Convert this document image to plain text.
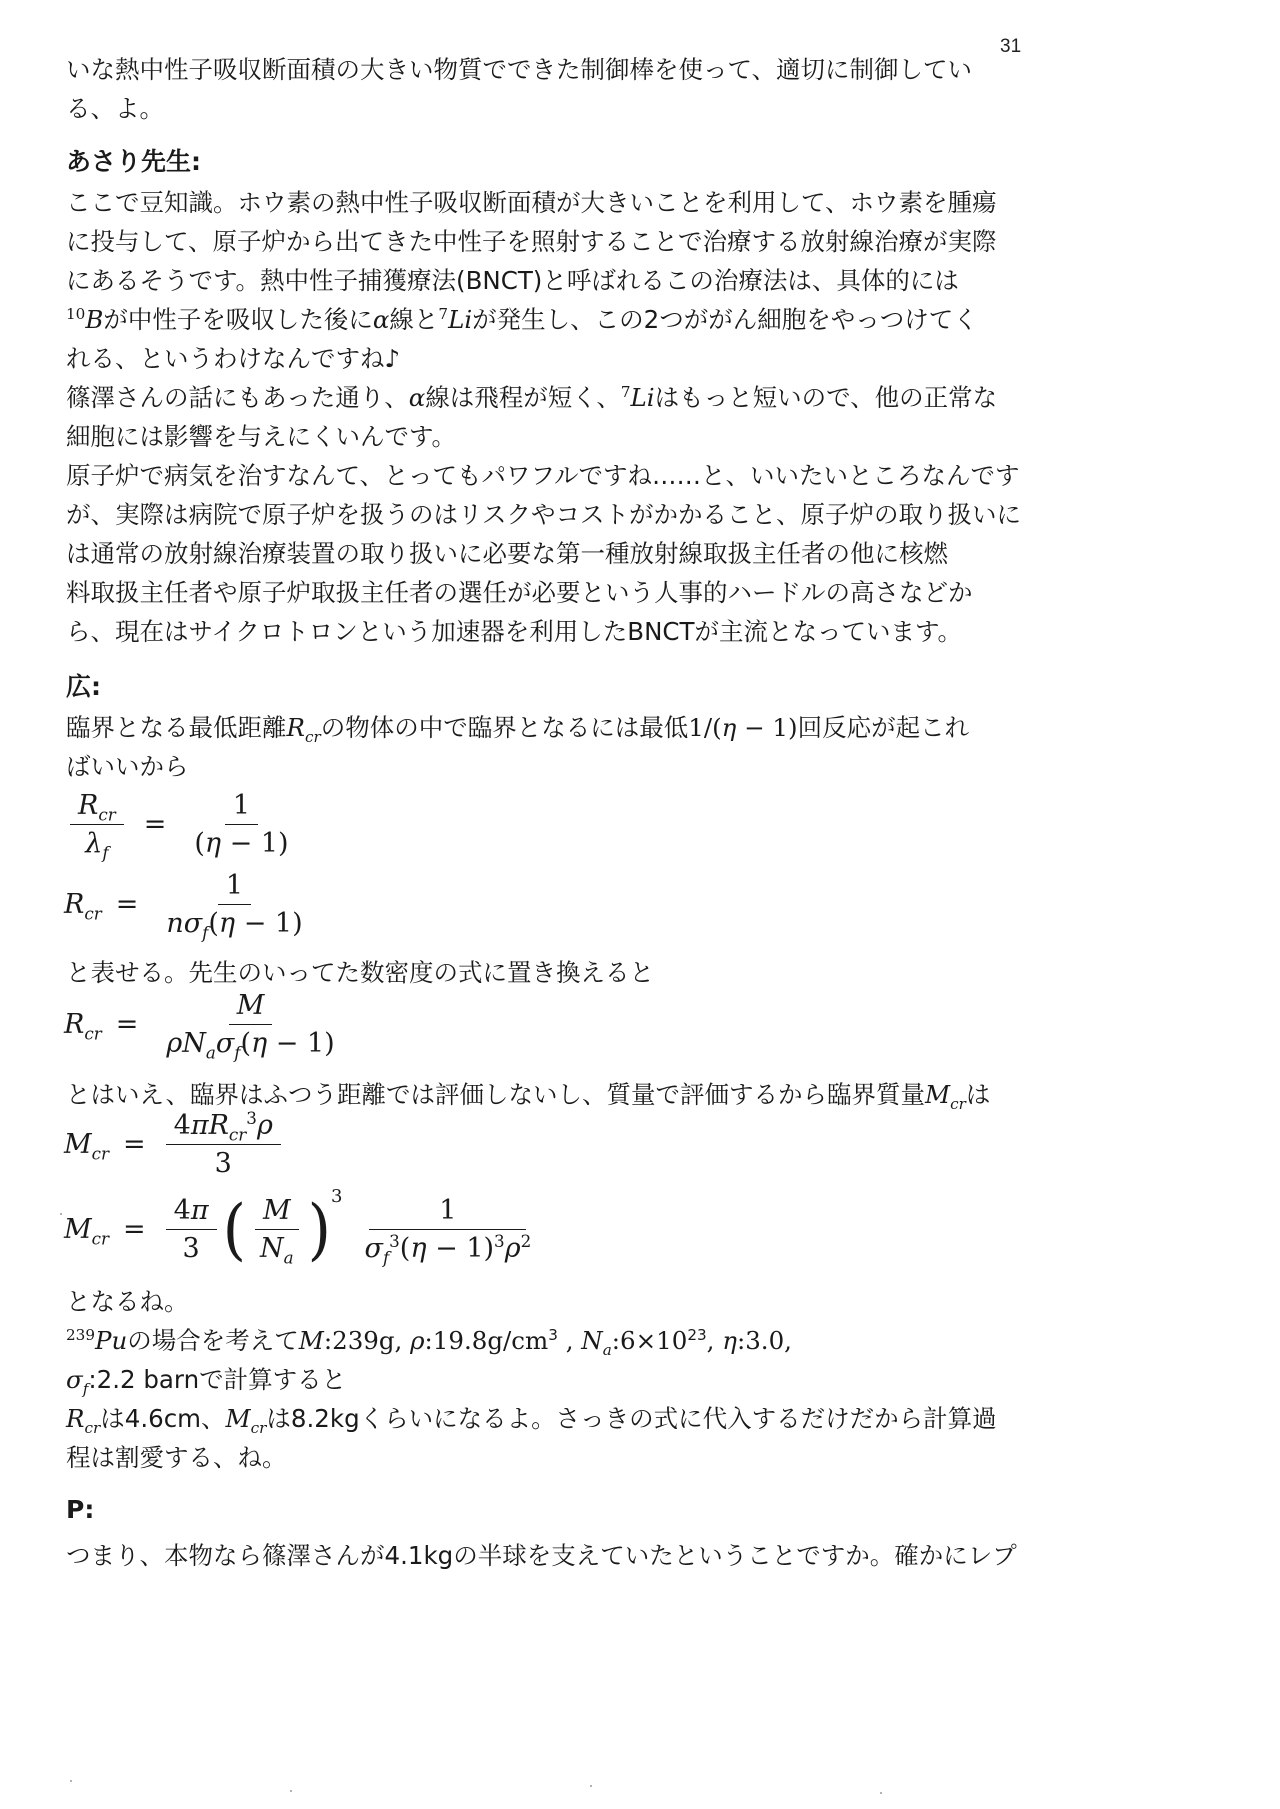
31
いな熱中性子吸収断面積の大きい物質でできた制御棒を使って、適切に制御してい
る、よ。
あさり先生:
ここで豆知識。ホウ素の熱中性子吸収断面積が大きいことを利用して、ホウ素を腫瘍
に投与して、原子炉から出てきた中性子を照射することで治療する放射線治療が実際
にあるそうです。熱中性子捕獲療法(BNCT)と呼ばれるこの治療法は、具体的には
$^{10}$Bが中性子を吸収した後にα線と$^7$Liが発生し、この2つががん細胞をやっつけてく
れる、というわけなんですね♪
篠澤さんの話にもあった通り、α線は飛程が短く、$^7$Liはもっと短いので、他の正常な
細胞には影響を与えにくいんです。
原子炉で病気を治すなんて、とってもパワフルですね……と、いいたいところなんです
が、実際は病院で原子炉を扱うのはリスクやコストがかかること、原子炉の取り扱いに
は通常の放射線治療装置の取り扱いに必要な第一種放射線取扱主任者の他に核燃
料取扱主任者や原子炉取扱主任者の選任が必要という人事的ハードルの高さなどか
ら、現在はサイクロトロンという加速器を利用したBNCTが主流となっています。
広:
臨界となる最低距離$R_{cr}$の物体の中で臨界となるには最低1/(η − 1)回反応が起これ
ばいいから
$\frac{R_{cr}}{\lambda_f} = \frac{1}{(\eta - 1)}$
$R_{cr} = \frac{1}{n\sigma_f(\eta - 1)}$
と表せる。先生のいってた数密度の式に置き換えると
$R_{cr} = \frac{M}{\rho N_a\sigma_f(\eta - 1)}$
とはいえ、臨界はふつう距離では評価しないし、質量で評価するから臨界質量$M_{cr}$は
$M_{cr} = \frac{4\pi R_{cr}^3\rho}{3}$
$M_{cr} = \frac{4\pi}{3}$ ( $\frac{M}{N_a}$ ) $3 \frac{1}{\sigma_f^3(\eta - 1)^3\rho^2}$
となるね。
$^{239}$Puの場合を考えてM:239g, $\rho:19.8g/cm^3$ , $N_a:6\times 10^{23}$, η:3.0,
$\sigma_f:2.2$ barnで計算すると
$R_{cr}$は4.6cm、$M_{cr}$は8.2kgくらいになるよ。さっきの式に代入するだけだから計算過
程は割愛する、ね。
P:
つまり、本物なら篠澤さんが4.1kgの半球を支えていたということですか。確かにレプ
